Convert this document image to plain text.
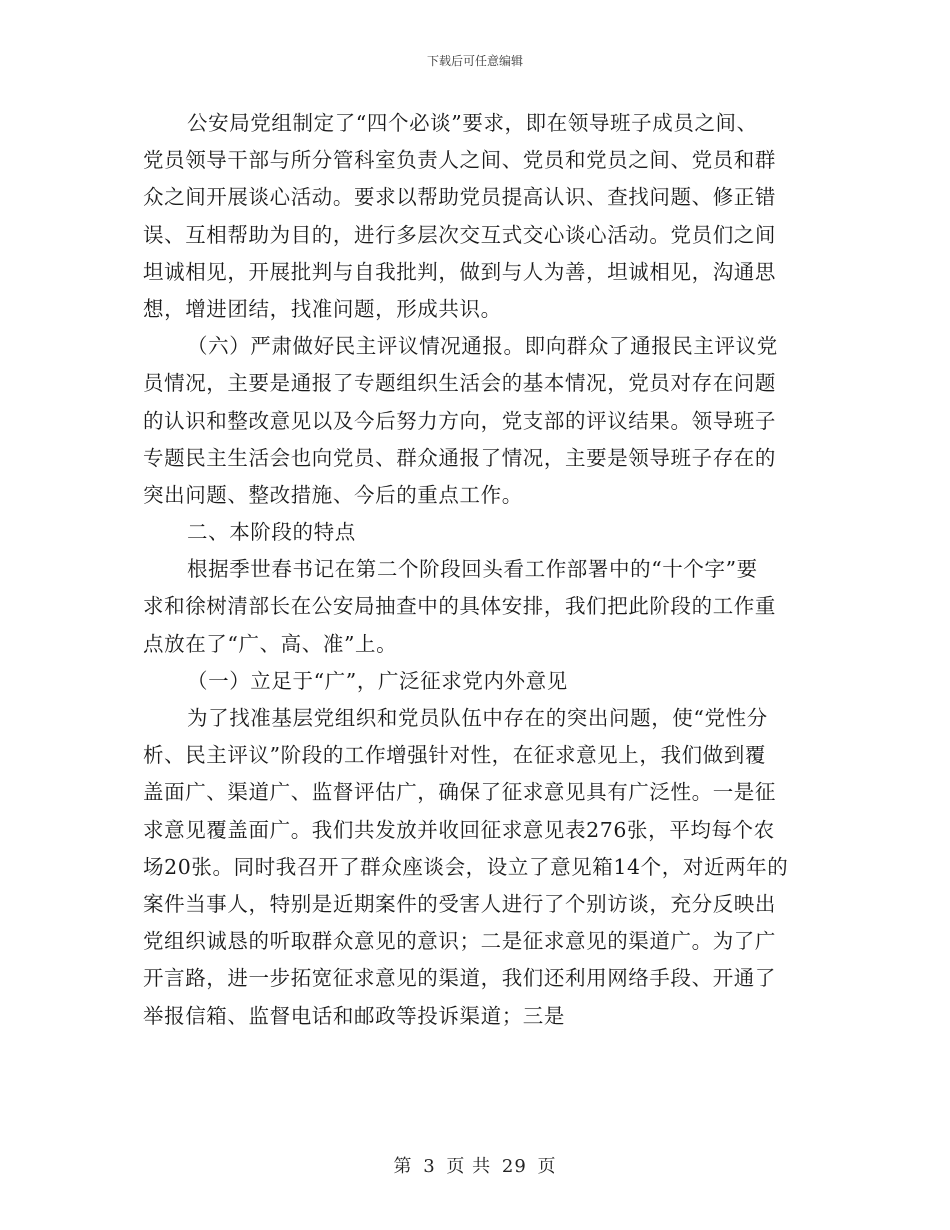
下载后可任意编辑
公安局党组制定了“四个必谈”要求，即在领导班子成员之间、
党员领导干部与所分管科室负责人之间、党员和党员之间、党员和群
众之间开展谈心活动。要求以帮助党员提高认识、查找问题、修正错
误、互相帮助为目的，进行多层次交互式交心谈心活动。党员们之间
坦诚相见，开展批判与自我批判，做到与人为善，坦诚相见，沟通思
想，增进团结，找准问题，形成共识。
（六）严肃做好民主评议情况通报。即向群众了通报民主评议党
员情况，主要是通报了专题组织生活会的基本情况，党员对存在问题
的认识和整改意见以及今后努力方向，党支部的评议结果。领导班子
专题民主生活会也向党员、群众通报了情况，主要是领导班子存在的
突出问题、整改措施、今后的重点工作。
二、本阶段的特点
根据季世春书记在第二个阶段回头看工作部署中的“十个字”要
求和徐树清部长在公安局抽查中的具体安排，我们把此阶段的工作重
点放在了“广、高、准”上。
（一）立足于“广”，广泛征求党内外意见
为了找准基层党组织和党员队伍中存在的突出问题，使“党性分
析、民主评议”阶段的工作增强针对性，在征求意见上，我们做到覆
盖面广、渠道广、监督评估广，确保了征求意见具有广泛性。一是征
求意见覆盖面广。我们共发放并收回征求意见表276张，平均每个农
场20张。同时我召开了群众座谈会，设立了意见箱14个，对近两年的
案件当事人，特别是近期案件的受害人进行了个别访谈，充分反映出
党组织诚恳的听取群众意见的意识；二是征求意见的渠道广。为了广
开言路，进一步拓宽征求意见的渠道，我们还利用网络手段、开通了
举报信箱、监督电话和邮政等投诉渠道；三是
第 3 页 共 29 页
